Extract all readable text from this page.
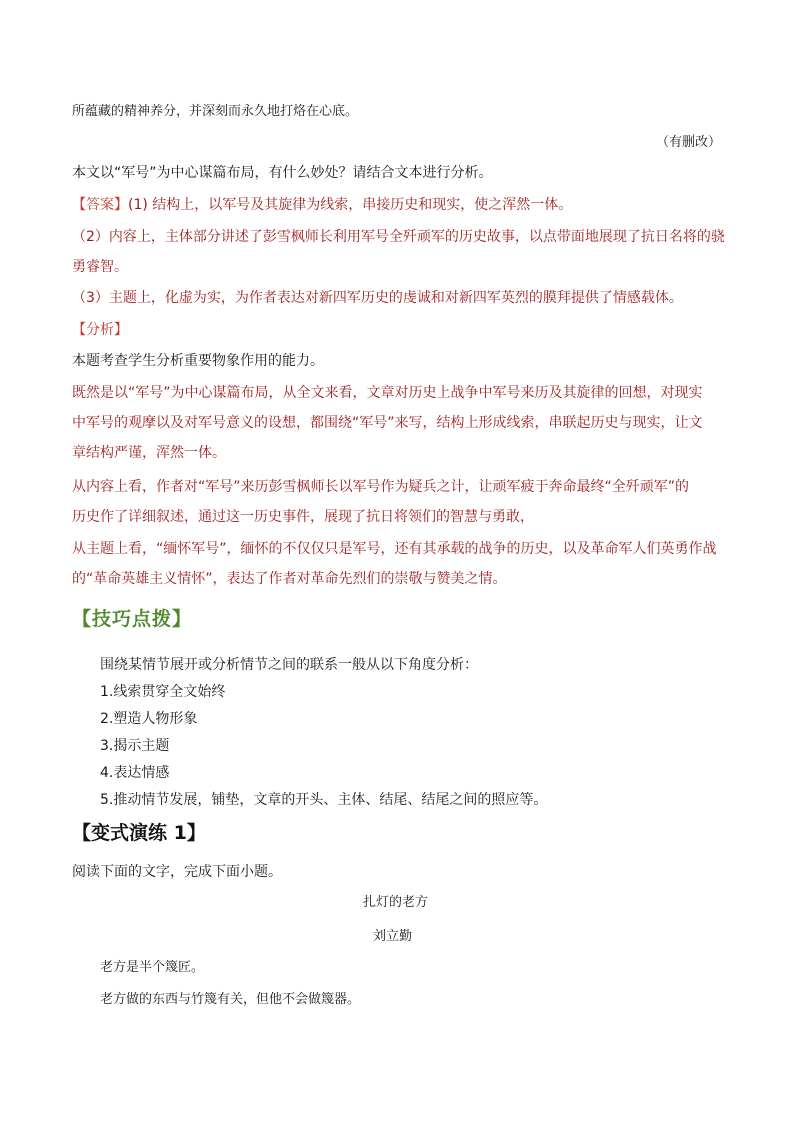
所蕴藏的精神养分，并深刻而永久地打烙在心底。
（有删改）
本文以“军号”为中心谋篇布局，有什么妙处？请结合文本进行分析。
【答案】(1) 结构上，以军号及其旋律为线索，串接历史和现实，使之浑然一体。
（2）内容上，主体部分讲述了彭雪枫师长利用军号全歼顽军的历史故事，以点带面地展现了抗日名将的骁
勇睿智。
（3）主题上，化虚为实，为作者表达对新四军历史的虔诚和对新四军英烈的膜拜提供了情感载体。
【分析】
本题考查学生分析重要物象作用的能力。
既然是以“军号”为中心谋篇布局，从全文来看，文章对历史上战争中军号来历及其旋律的回想，对现实
中军号的观摩以及对军号意义的设想，都围绕“军号”来写，结构上形成线索，串联起历史与现实，让文
章结构严谨，浑然一体。
从内容上看，作者对“军号”来历彭雪枫师长以军号作为疑兵之计，让顽军疲于奔命最终“全歼顽军”的
历史作了详细叙述，通过这一历史事件，展现了抗日将领们的智慧与勇敢，
从主题上看，“缅怀军号”，缅怀的不仅仅只是军号，还有其承载的战争的历史，以及革命军人们英勇作战
的“革命英雄主义情怀”，表达了作者对革命先烈们的崇敬与赞美之情。
【技巧点拨】
围绕某情节展开或分析情节之间的联系一般从以下角度分析：
1.线索贯穿全文始终
2.塑造人物形象
3.揭示主题
4.表达情感
5.推动情节发展，铺垫，文章的开头、主体、结尾、结尾之间的照应等。
【变式演练 1】
阅读下面的文字，完成下面小题。
扎灯的老方
刘立勤
老方是半个篾匠。
老方做的东西与竹篾有关，但他不会做篾器。
